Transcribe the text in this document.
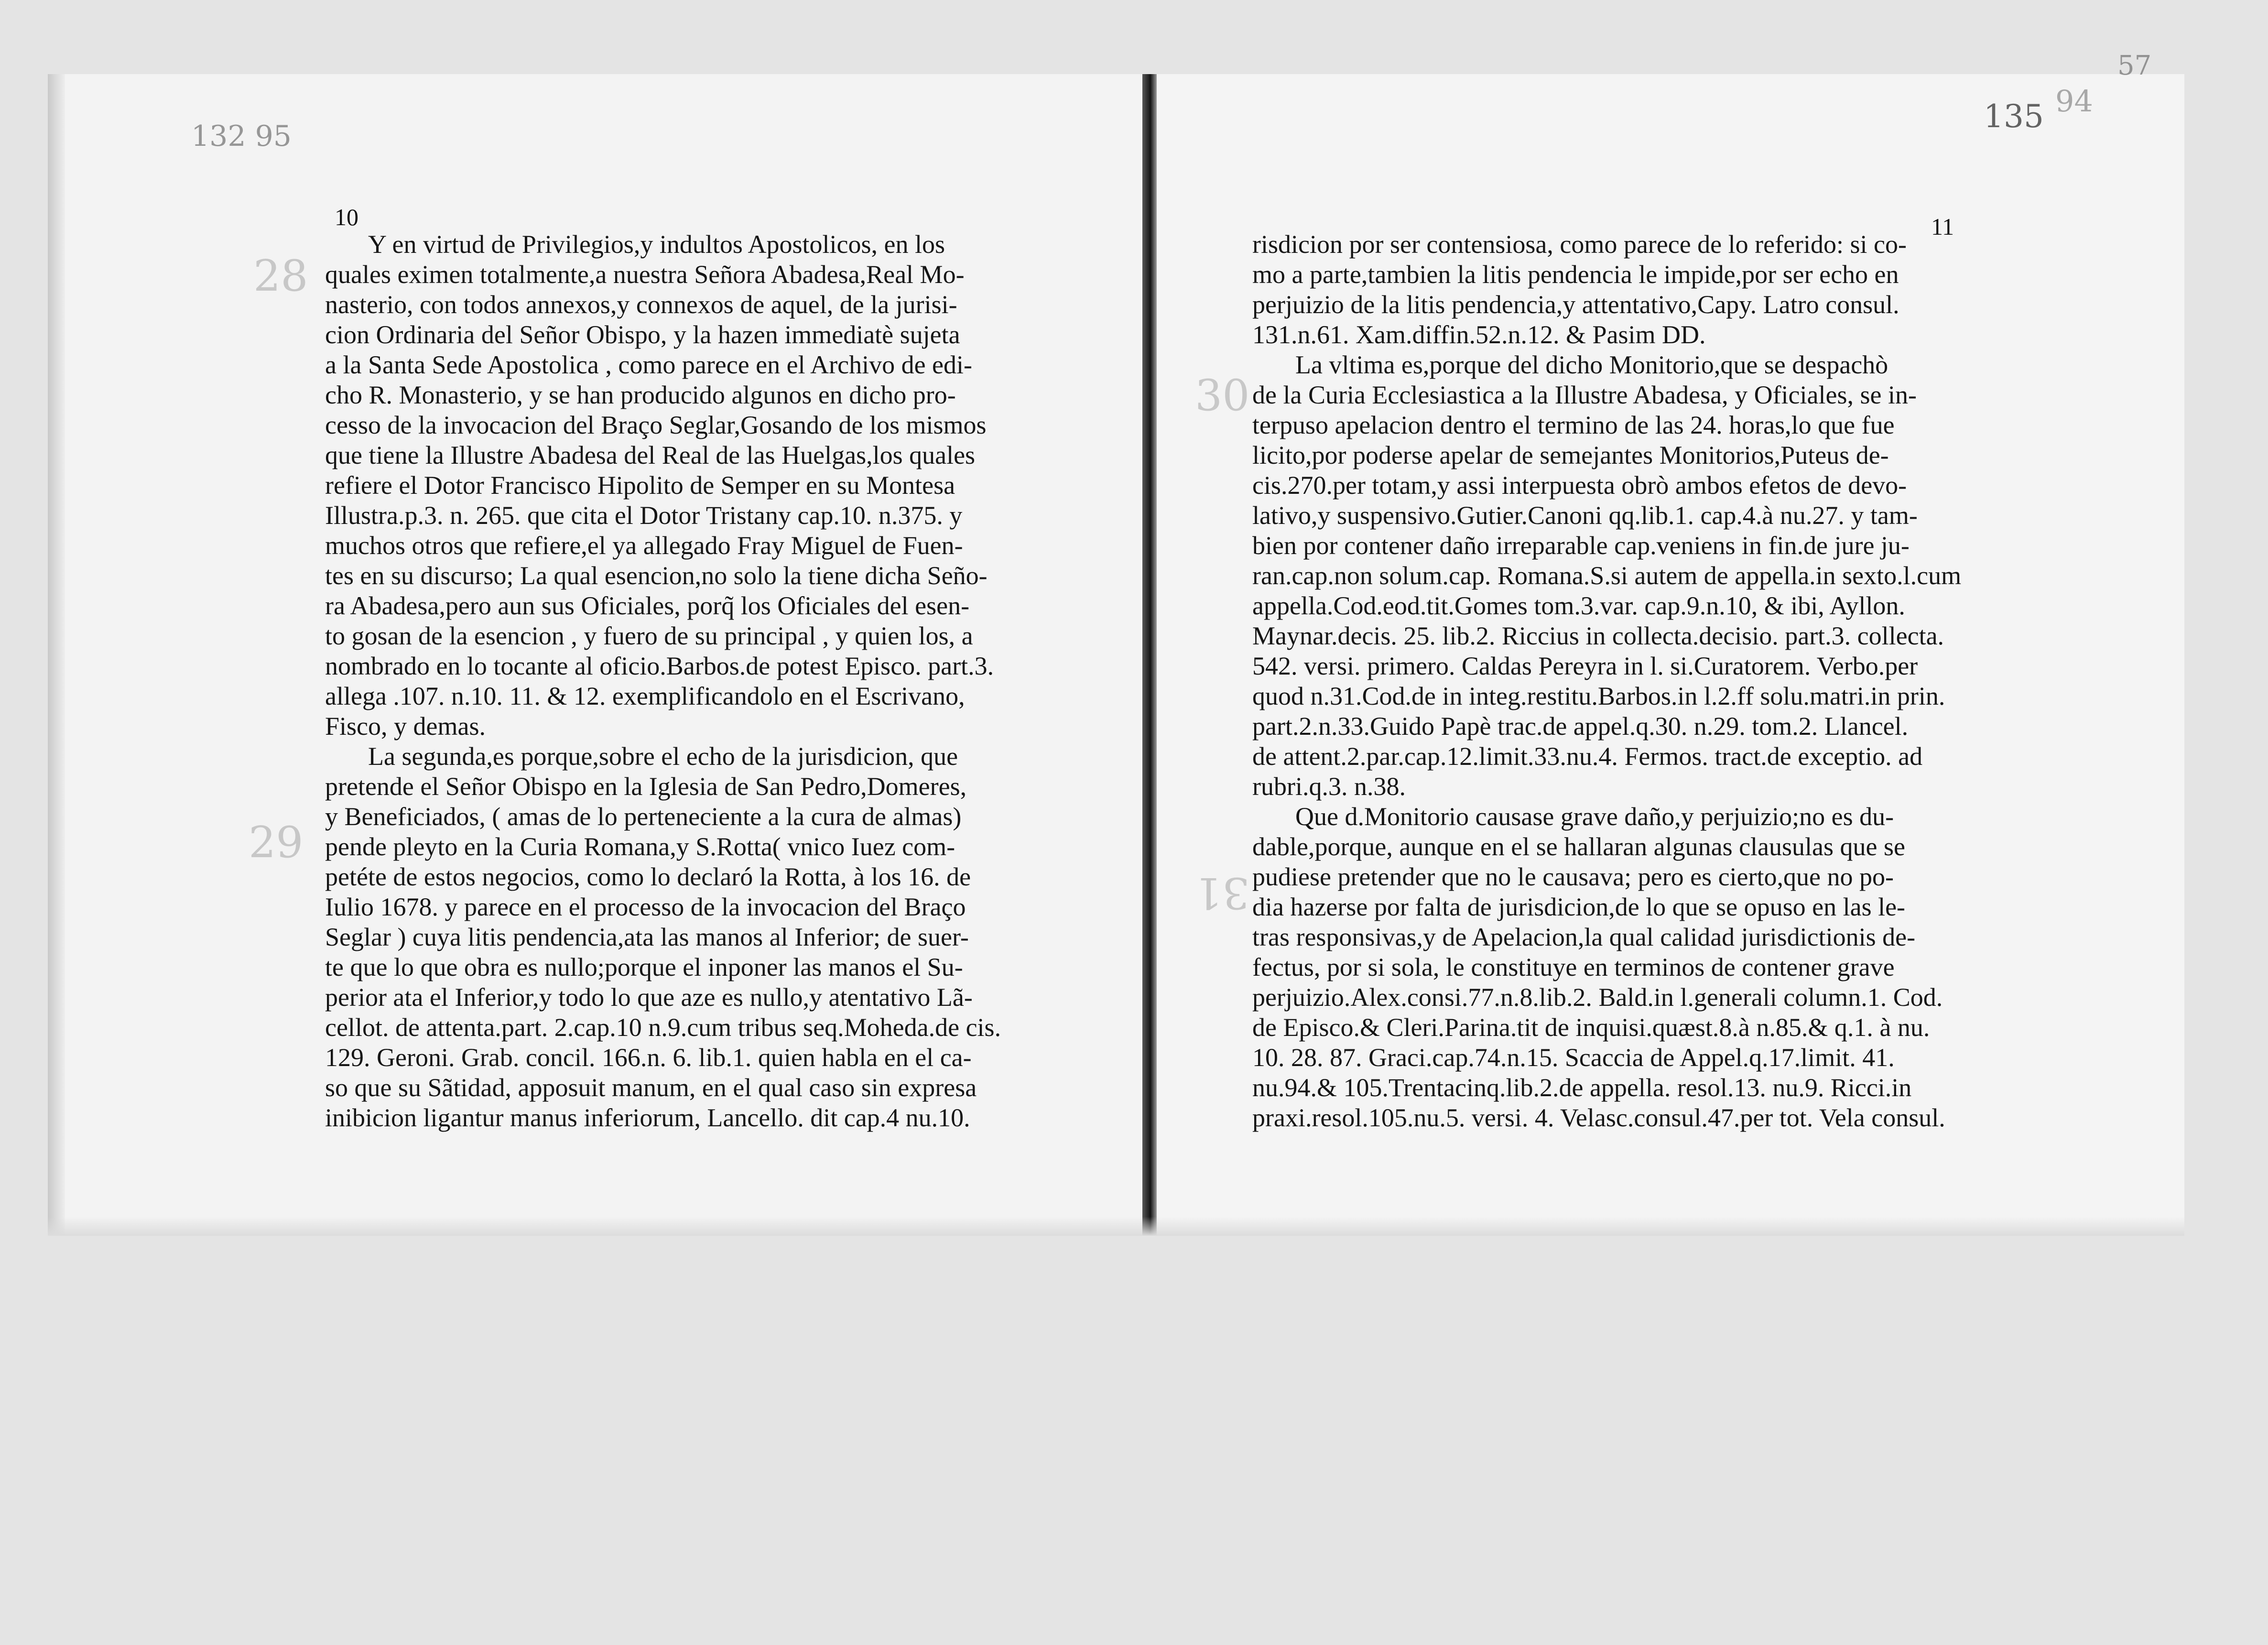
132 95
10
28
29
Y en virtud de Privilegios,y indultos Apostolicos, en los
quales eximen totalmente,a nuestra Señora Abadesa,Real Mo-
nasterio, con todos annexos,y connexos de aquel, de la jurisi-
cion Ordinaria del Señor Obispo, y la hazen immediatè sujeta
a la Santa Sede Apostolica , como parece en el Archivo de edi-
cho R. Monasterio, y se han producido algunos en dicho pro-
cesso de la invocacion del Braço Seglar,Gosando de los mismos
que tiene la Illustre Abadesa del Real de las Huelgas,los quales
refiere el Dotor Francisco Hipolito de Semper en su Montesa
Illustra.p.3. n. 265. que cita el Dotor Tristany cap.10. n.375. y
muchos otros que refiere,el ya allegado Fray Miguel de Fuen-
tes en su discurso; La qual esencion,no solo la tiene dicha Seño-
ra Abadesa,pero aun sus Oficiales, porq̃ los Oficiales del esen-
to gosan de la esencion , y fuero de su principal , y quien los, a
nombrado en lo tocante al oficio.Barbos.de potest Episco. part.3.
allega .107. n.10. 11. & 12. exemplificandolo en el Escrivano,
Fisco, y demas.
La segunda,es porque,sobre el echo de la jurisdicion, que
pretende el Señor Obispo en la Iglesia de San Pedro,Domeres,
y Beneficiados, ( amas de lo perteneciente a la cura de almas)
pende pleyto en la Curia Romana,y S.Rotta( vnico Iuez com-
petéte de estos negocios, como lo declaró la Rotta, à los 16. de
Iulio 1678. y parece en el processo de la invocacion del Braço
Seglar ) cuya litis pendencia,ata las manos al Inferior; de suer-
te que lo que obra es nullo;porque el inponer las manos el Su-
perior ata el Inferior,y todo lo que aze es nullo,y atentativo Lã-
cellot. de attenta.part. 2.cap.10 n.9.cum tribus seq.Moheda.de cis.
129. Geroni. Grab. concil. 166.n. 6. lib.1. quien habla en el ca-
so que su Sãtidad, apposuit manum, en el qual caso sin expresa
inibicion ligantur manus inferiorum, Lancello. dit cap.4 nu.10.
57
135 94
11
30
31
risdicion por ser contensiosa, como parece de lo referido: si co-
mo a parte,tambien la litis pendencia le impide,por ser echo en
perjuizio de la litis pendencia,y attentativo,Capy. Latro consul.
131.n.61. Xam.diffin.52.n.12. & Pasim DD.
La vltima es,porque del dicho Monitorio,que se despachò
de la Curia Ecclesiastica a la Illustre Abadesa, y Oficiales, se in-
terpuso apelacion dentro el termino de las 24. horas,lo que fue
licito,por poderse apelar de semejantes Monitorios,Puteus de-
cis.270.per totam,y assi interpuesta obrò ambos efetos de devo-
lativo,y suspensivo.Gutier.Canoni qq.lib.1. cap.4.à nu.27. y tam-
bien por contener daño irreparable cap.veniens in fin.de jure ju-
ran.cap.non solum.cap. Romana.S.si autem de appella.in sexto.l.cum
appella.Cod.eod.tit.Gomes tom.3.var. cap.9.n.10, & ibi, Ayllon.
Maynar.decis. 25. lib.2. Riccius in collecta.decisio. part.3. collecta.
542. versi. primero. Caldas Pereyra in l. si.Curatorem. Verbo.per
quod n.31.Cod.de in integ.restitu.Barbos.in l.2.ff solu.matri.in prin.
part.2.n.33.Guido Papè trac.de appel.q.30. n.29. tom.2. Llancel.
de attent.2.par.cap.12.limit.33.nu.4. Fermos. tract.de exceptio. ad
rubri.q.3. n.38.
Que d.Monitorio causase grave daño,y perjuizio;no es du-
dable,porque, aunque en el se hallaran algunas clausulas que se
pudiese pretender que no le causava; pero es cierto,que no po-
dia hazerse por falta de jurisdicion,de lo que se opuso en las le-
tras responsivas,y de Apelacion,la qual calidad jurisdictionis de-
fectus, por si sola, le constituye en terminos de contener grave
perjuizio.Alex.consi.77.n.8.lib.2. Bald.in l.generali column.1. Cod.
de Episco.& Cleri.Parina.tit de inquisi.quæst.8.à n.85.& q.1. à nu.
10. 28. 87. Graci.cap.74.n.15. Scaccia de Appel.q.17.limit. 41.
nu.94.& 105.Trentacinq.lib.2.de appella. resol.13. nu.9. Ricci.in
praxi.resol.105.nu.5. versi. 4. Velasc.consul.47.per tot. Vela consul.
